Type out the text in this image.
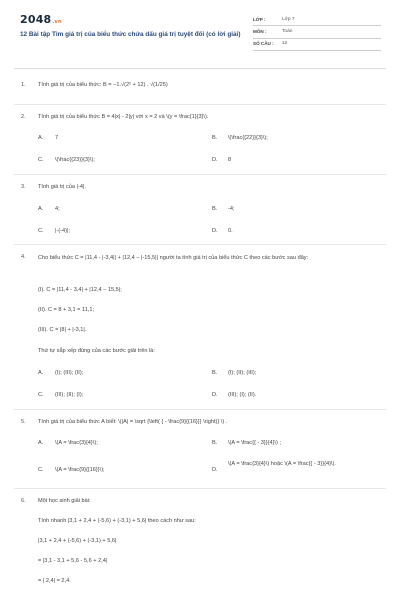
2048.vn
12 Bài tập Tìm giá trị của biểu thức chứa dấu giá trị tuyệt đối (có lời giải)
LỚP :	Lớp 7
MÔN :	Toán
SỐ CÂU :	12
1. Tính giá trị của biểu thức: B = −1.√(2² + 12) . √(1/25)
2. Tính giá trị của biểu thức B = 4|x| - 2|y| với x = 2 và \(y = \frac{1}{3}\).
A. 7	B. \(\frac{{22}}{3}\);
C. \(\frac{{23}}{3}\);	D. 8
3. Tính giá trị của |-4|.
A. 4;	B. -4;
C. |-(-4)|;	D. 0.
4. Cho biểu thức C = |11,4 - |-3,4|| + |12,4 – |-15,5|| người ta tính giá trị của biểu thức C theo các bước sau đây:
(I). C = |11,4 - 3,4| + |12,4 – 15,5|;
(II). C = 8 + 3,1 = 11,1;
(III). C = |8| + |-3,1|.
Thứ tự sắp xếp đúng của các bước giải trên là:
A. (I); (III); (II);	B. (I); (II); (III);
C. (III); (II); (I);	D. (III); (I); (II).
5. Tính giá trị của biểu thức A biết: \(|A| = \sqrt {\left( { - \frac{9}{{16}}} \right)} \) .
A. \(A = \frac{3}{4}\);	B. \(A = \frac{{ - 3}}{4}\) ;
C. \(A = \frac{9}{{16}}\);	D.
\(A = \frac{3}{4}\) hoặc \(A = \frac{{ - 3}}{4}\).
6. Một học sinh giải bài:
Tính nhanh |3,1 + 2,4 + (-5,6) + (-3,1) + 5,6| theo cách như sau:
|3,1 + 2,4 + (-5,6) + (-3,1) + 5,6|
= |3,1 - 3,1 + 5,6 - 5,6 + 2,4|
= | 2,4| = 2,4.
